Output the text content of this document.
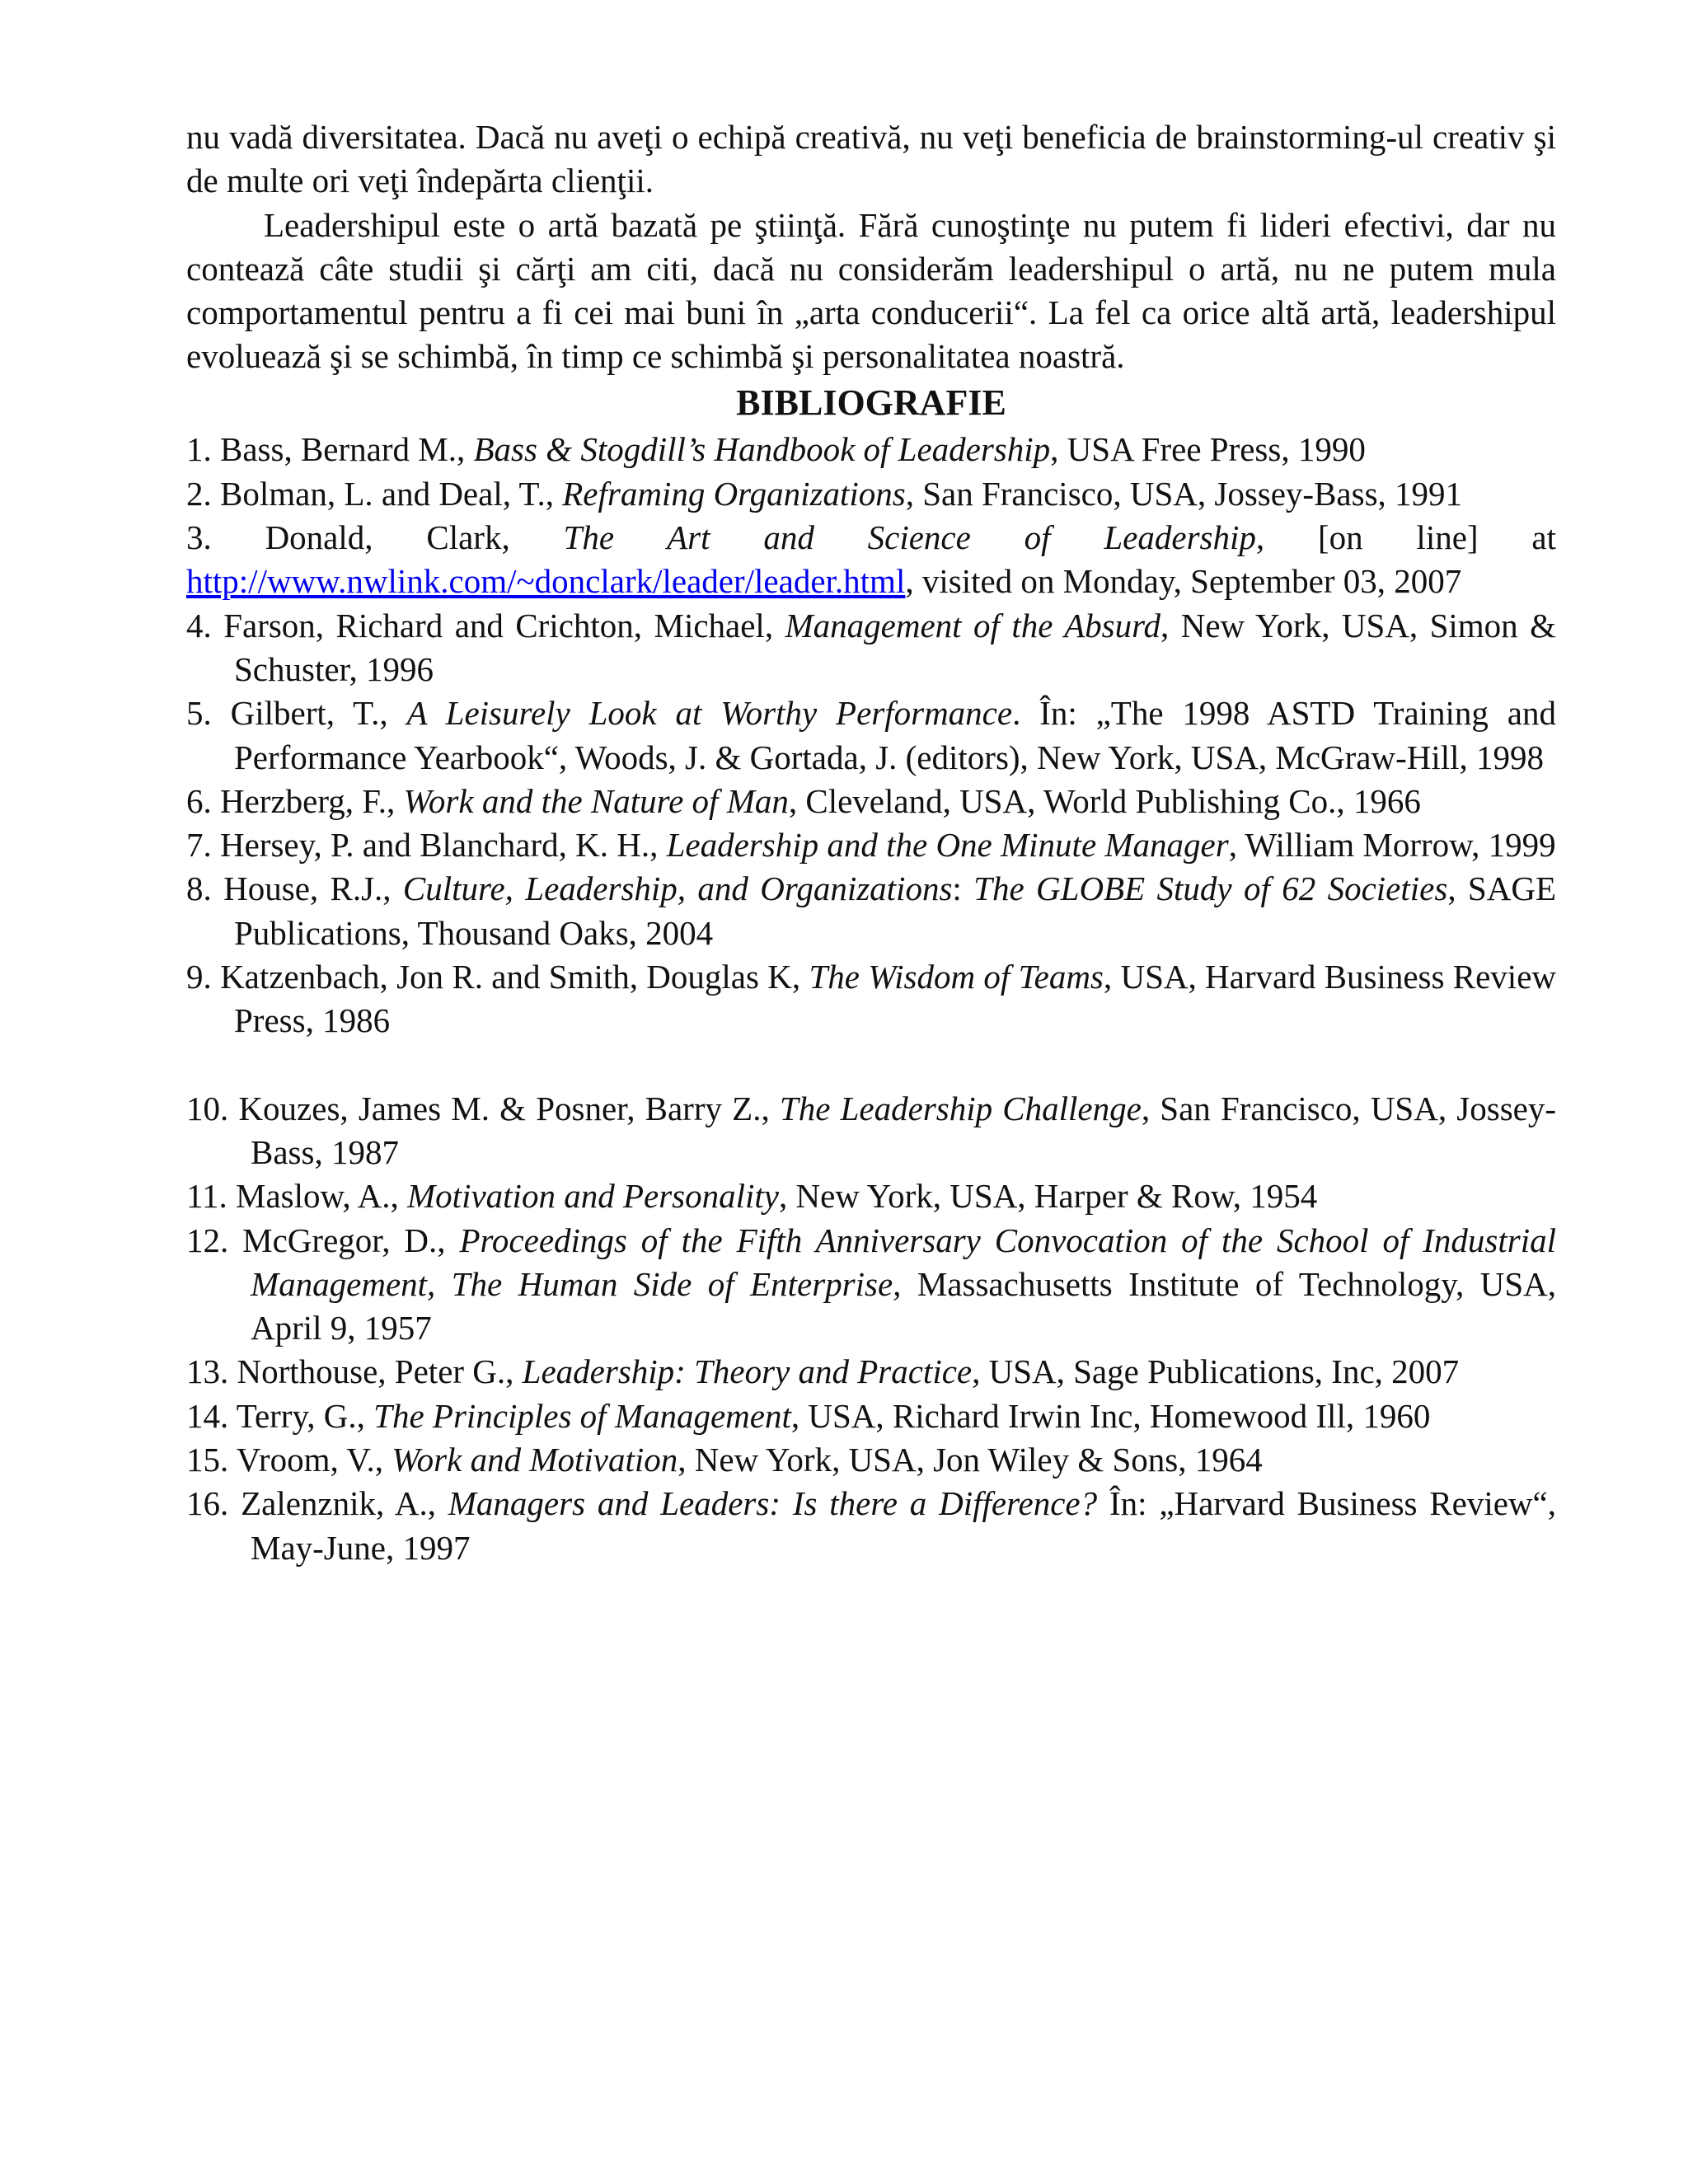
nu vadă diversitatea. Dacă nu aveţi o echipă creativă, nu veţi beneficia de brainstorming-ul creativ şi de multe ori veţi îndepărta clienţii.

Leadershipul este o artă bazată pe ştiinţă. Fără cunoştinţe nu putem fi lideri efectivi, dar nu contează câte studii şi cărţi am citi, dacă nu considerăm leadershipul o artă, nu ne putem mula comportamentul pentru a fi cei mai buni în „arta conducerii“. La fel ca orice altă artă, leadershipul evoluează şi se schimbă, în timp ce schimbă şi personalitatea noastră.

BIBLIOGRAFIE
1. Bass, Bernard M., Bass & Stogdill’s Handbook of Leadership, USA Free Press, 1990
2. Bolman, L. and Deal, T., Reframing Organizations, San Francisco, USA, Jossey-Bass, 1991
3. Donald, Clark, The Art and Science of Leadership, [on line] at
http://www.nwlink.com/~donclark/leader/leader.html, visited on Monday, September 03, 2007
4. Farson, Richard and Crichton, Michael, Management of the Absurd, New York, USA, Simon & Schuster, 1996
5. Gilbert, T., A Leisurely Look at Worthy Performance. În: „The 1998 ASTD Training and Performance Yearbook“, Woods, J. & Gortada, J. (editors), New York, USA, McGraw-Hill, 1998
6. Herzberg, F., Work and the Nature of Man, Cleveland, USA, World Publishing Co., 1966
7. Hersey, P. and Blanchard, K. H., Leadership and the One Minute Manager, William Morrow, 1999
8. House, R.J., Culture, Leadership, and Organizations: The GLOBE Study of 62 Societies, SAGE Publications, Thousand Oaks, 2004
9. Katzenbach, Jon R. and Smith, Douglas K, The Wisdom of Teams, USA, Harvard Business Review Press, 1986
10. Kouzes, James M. & Posner, Barry Z., The Leadership Challenge, San Francisco, USA, Jossey-Bass, 1987
11. Maslow, A., Motivation and Personality, New York, USA, Harper & Row, 1954
12. McGregor, D., Proceedings of the Fifth Anniversary Convocation of the School of Industrial Management, The Human Side of Enterprise, Massachusetts Institute of Technology, USA, April 9, 1957
13. Northouse, Peter G., Leadership: Theory and Practice, USA, Sage Publications, Inc, 2007
14. Terry, G., The Principles of Management, USA, Richard Irwin Inc, Homewood Ill, 1960
15. Vroom, V., Work and Motivation, New York, USA, Jon Wiley & Sons, 1964
16. Zalenznik, A., Managers and Leaders: Is there a Difference? În: „Harvard Business Review“, May-June, 1997
